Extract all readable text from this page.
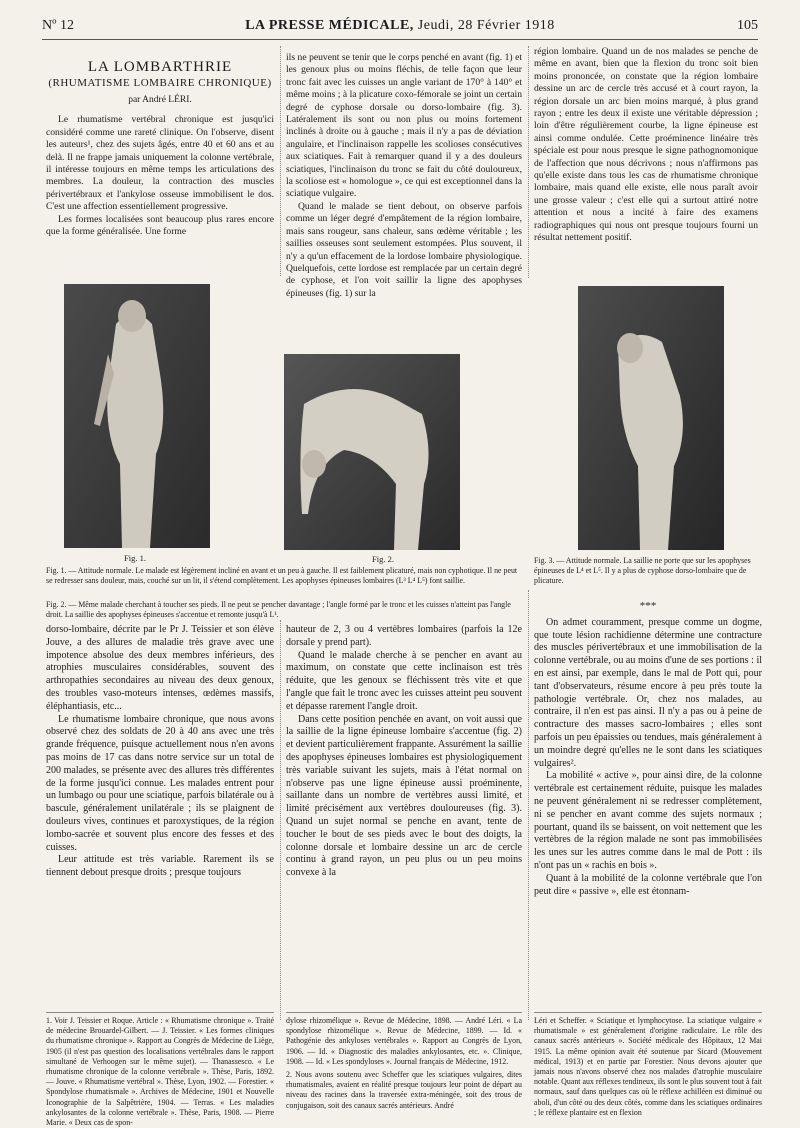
Nº 12	LA PRESSE MÉDICALE, Jeudi, 28 Février 1918	105
LA LOMBARTHRIE
(RHUMATISME LOMBAIRE CHRONIQUE)
par André LÉRI.

Le rhumatisme vertébral chronique est jusqu'ici considéré comme une rareté clinique. On l'observe, disent les auteurs¹, chez des sujets âgés, entre 40 et 60 ans et au delà. Il ne frappe jamais uniquement la colonne vertébrale, il intéresse toujours en même temps les articulations des membres. La douleur, la contraction des muscles périvertébraux et l'ankylose osseuse immobilisent le dos. C'est une affection essentiellement progressive.

Les formes localisées sont beaucoup plus rares encore que la forme généralisée. Une forme

ils ne peuvent se tenir que le corps penché en avant (fig. 1) et les genoux plus ou moins fléchis, de telle façon que leur tronc fait avec les cuisses un angle variant de 170° à 140° et même moins ; à la plicature coxo-fémorale se joint un certain degré de cyphose dorsale ou dorso-lombaire (fig. 3). Latéralement ils sont ou non plus ou moins fortement inclinés à droite ou à gauche ; mais il n'y a pas de déviation angulaire, et l'inclinaison rappelle les scolioses consécutives aux sciatiques. Fait à remarquer quand il y a des douleurs sciatiques, l'inclinaison du tronc se fait du côté douloureux, la scoliose est « homologue », ce qui est exceptionnel dans la sciatique vulgaire.

Quand le malade se tient debout, on observe parfois comme un léger degré d'empâtement de la région lombaire, mais sans rougeur, sans chaleur, sans œdème véritable ; les saillies osseuses sont seulement estompées. Plus souvent, il n'y a qu'un effacement de la lordose lombaire physiologique. Quelquefois, cette lordose est remplacée par un certain degré de cyphose, et l'on voit saillir la ligne des apophyses épineuses (fig. 1) sur la

région lombaire. Quand un de nos malades se penche de même en avant, bien que la flexion du tronc soit bien moins prononcée, on constate que la région lombaire dessine un arc de cercle très accusé et à court rayon, la région dorsale un arc bien moins marqué, à plus grand rayon ; entre les deux il existe une véritable dépression ; loin d'être régulièrement courbe, la ligne épineuse est ainsi comme ondulée. Cette proéminence linéaire très spéciale est pour nous presque le signe pathognomonique de l'affection que nous décrivons ; nous n'affirmons pas qu'elle existe dans tous les cas de rhumatisme chronique lombaire, mais quand elle existe, elle nous paraît avoir une grosse valeur ; c'est elle qui a surtout attiré notre attention et nous a incité à faire des examens radiographiques qui nous ont presque toujours fourni un résultat nettement positif.

Fig. 1.	Fig. 2.
Fig. 1. — Attitude normale. Le malade est légèrement incliné en avant et un peu à gauche. Il est faiblement plicaturé, mais non cyphotique. Il ne peut se redresser sans douleur, mais, couché sur un lit, il s'étend complètement. Les apophyses épineuses lombaires (L³ L⁴ L⁵) font saillie.
Fig. 2. — Même malade cherchant à toucher ses pieds. Il ne peut se pencher davantage ; l'angle formé par le tronc et les cuisses n'atteint pas l'angle droit. La saillie des apophyses épineuses s'accentue et remonte jusqu'à L¹.
Fig. 3. — Attitude normale. La saillie ne porte que sur les apophyses épineuses de L⁴ et L⁵. Il y a plus de cyphose dorso-lombaire que de plicature.

dorso-lombaire, décrite par le Pr J. Teissier et son élève Jouve, a des allures de maladie très grave avec une impotence absolue des deux membres inférieurs, des atrophies musculaires considérables, souvent des arthropathies secondaires au niveau des deux genoux, des troubles vaso-moteurs intenses, œdèmes massifs, éléphantiasis, etc...

Le rhumatisme lombaire chronique, que nous avons observé chez des soldats de 20 à 40 ans avec une très grande fréquence, puisque actuellement nous n'en avons pas moins de 17 cas dans notre service sur un total de 200 malades, se présente avec des allures très différentes de la forme jusqu'ici connue. Les malades entrent pour un lumbago ou pour une sciatique, parfois bilatérale ou à bascule, généralement unilatérale ; ils se plaignent de douleurs vives, continues et paroxystiques, de la région lombo-sacrée et souvent plus encore des fesses et des cuisses.

Leur attitude est très variable. Rarement ils se tiennent debout presque droits ; presque toujours

hauteur de 2, 3 ou 4 vertèbres lombaires (parfois la 12e dorsale y prend part).

Quand le malade cherche à se pencher en avant au maximum, on constate que cette inclinaison est très réduite, que les genoux se fléchissent très vite et que l'angle que fait le tronc avec les cuisses atteint peu souvent et dépasse rarement l'angle droit.

Dans cette position penchée en avant, on voit aussi que la saillie de la ligne épineuse lombaire s'accentue (fig. 2) et devient particulièrement frappante. Assurément la saillie des apophyses épineuses lombaires est physiologiquement très variable suivant les sujets, mais à l'état normal on n'observe pas une ligne épineuse aussi proéminente, saillante dans un nombre de vertèbres aussi limité, et limité précisément aux vertèbres douloureuses (fig. 3). Quand un sujet normal se penche en avant, tente de toucher le bout de ses pieds avec le bout des doigts, la colonne dorsale et lombaire dessine un arc de cercle continu à grand rayon, un peu plus ou un peu moins convexe à la

***

On admet couramment, presque comme un dogme, que toute lésion rachidienne détermine une contracture des muscles périvertébraux et une immobilisation de la colonne vertébrale, ou au moins d'une de ses portions : il en est ainsi, par exemple, dans le mal de Pott qui, pour tant d'observateurs, résume encore à peu près toute la pathologie vertébrale. Or, chez nos malades, au contraire, il n'en est pas ainsi. Il n'y a pas ou à peine de contracture des masses sacro-lombaires ; elles sont parfois un peu épaissies ou tendues, mais généralement à un moindre degré qu'elles ne le sont dans les sciatiques vulgaires².

La mobilité « active », pour ainsi dire, de la colonne vertébrale est certainement réduite, puisque les malades ne peuvent généralement ni se redresser complètement, ni se pencher en avant comme des sujets normaux ; pourtant, quand ils se baissent, on voit nettement que les vertèbres de la région malade ne sont pas immobilisées les unes sur les autres comme dans le mal de Pott : ils n'ont pas un « rachis en bois ».

Quant à la mobilité de la colonne vertébrale que l'on peut dire « passive », elle est étonnam-

1. Voir J. Teissier et Roque. Article : « Rhumatisme chronique ». Traité de médecine Brouardel-Gilbert. — J. Teissier. « Les formes cliniques du rhumatisme chronique ». Rapport au Congrès de Médecine de Liège, 1905 (il n'est pas question des localisations vertébrales dans le rapport simultané de Verhoogen sur le même sujet). — Thanassesco. « Le rhumatisme chronique de la colonne vertébrale ». Thèse, Paris, 1892. — Jouve. « Rhumatisme vertébral ». Thèse, Lyon, 1902. — Forestier. « Spondylose rhumatismale ». Archives de Médecine, 1901 et Nouvelle Iconographie de la Salpêtrière, 1904. — Terras. « Les maladies ankylosantes de la colonne vertébrale ». Thèse, Paris, 1908. — Pierre Marie. « Deux cas de spon-

dylose rhizomélique ». Revue de Médecine, 1898. — André Léri. « La spondylose rhizomélique ». Revue de Médecine, 1899. — Id. « Pathogénie des ankyloses vertébrales ». Rapport au Congrès de Lyon, 1906. — Id. « Diagnostic des maladies ankylosantes, etc. ». Clinique, 1908. — Id. « Les spondyloses ». Journal français de Médecine, 1912.

2. Nous avons soutenu avec Scheffer que les sciatiques vulgaires, dites rhumatismales, avaient en réalité presque toujours leur point de départ au niveau des racines dans la traversée extra-méningée, soit des trous de conjugaison, soit des canaux sacrés antérieurs. André

Léri et Scheffer. « Sciatique et lymphocytose. La sciatique vulgaire « rhumatismale » est généralement d'origine radiculaire. Le rôle des canaux sacrés antérieurs ». Société médicale des Hôpitaux, 12 Mai 1915. La même opinion avait été soutenue par Sicard (Mouvement médical, 1913) et en partie par Forestier. Nous devons ajouter que jamais nous n'avons observé chez nos malades d'atrophie musculaire notable. Quant aux réflexes tendineux, ils sont le plus souvent tout à fait normaux, sauf dans quelques cas où le réflexe achilléen est diminué ou aboli, d'un côté ou des deux côtés, comme dans les sciatiques ordinaires ; le réflexe plantaire est en flexion
